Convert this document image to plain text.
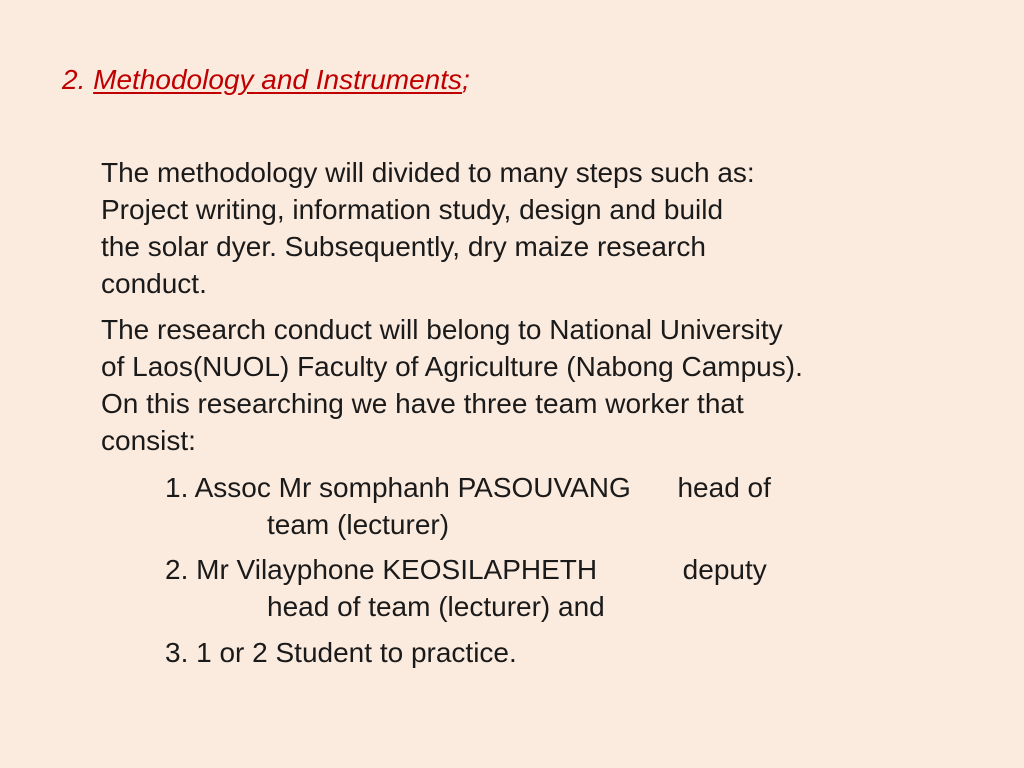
2. Methodology and Instruments;
The methodology will divided to many steps such as:
Project writing, information study, design and build
the solar dyer. Subsequently, dry maize research
conduct.
The research conduct will belong to National University
of Laos(NUOL) Faculty of Agriculture (Nabong Campus).
On this researching we have three team worker that
consist:
1. Assoc Mr somphanh PASOUVANG      head of
team (lecturer)
2. Mr Vilayphone KEOSILAPHETH           deputy
head of team (lecturer) and
3. 1 or 2 Student to practice.
